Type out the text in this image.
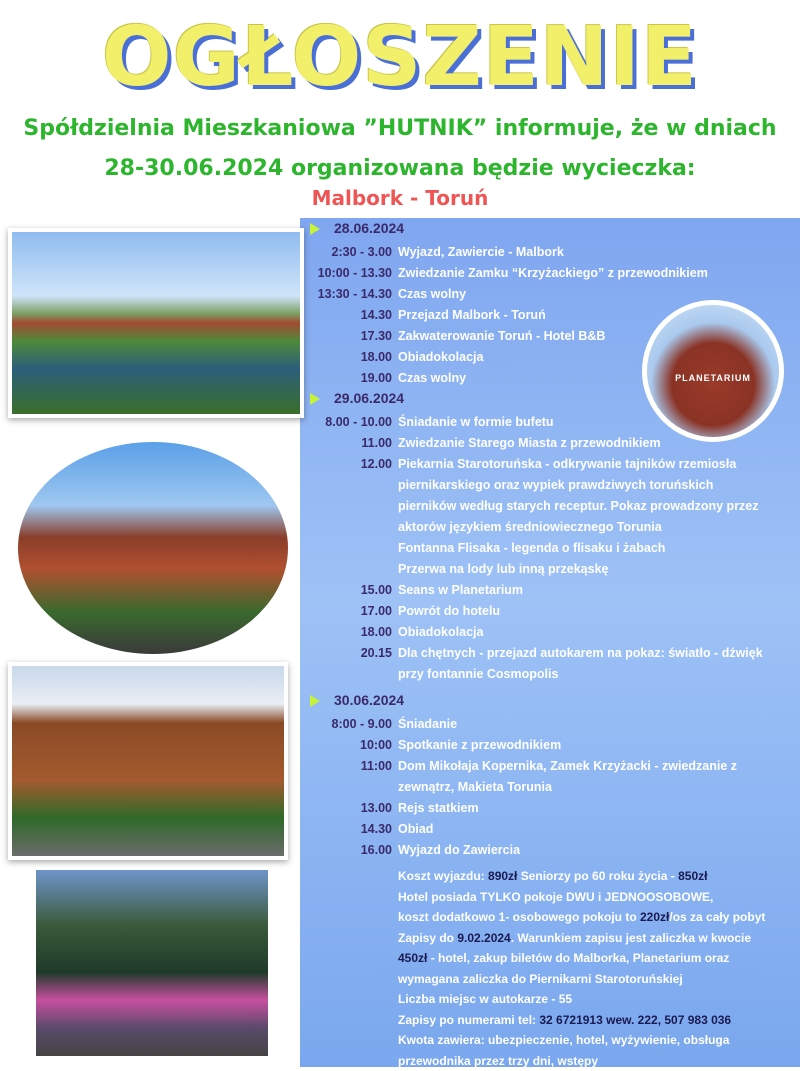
OGŁOSZENIE
Spółdzielnia Mieszkaniowa ”HUTNIK” informuje, że w dniach
28-30.06.2024 organizowana będzie wycieczka:
Malbork - Toruń
PLANETARIUM
28.06.2024
2:30 - 3.00 Wyjazd, Zawiercie - Malbork
10:00 - 13.30 Zwiedzanie Zamku “Krzyżackiego” z przewodnikiem
13:30 - 14.30 Czas wolny
14.30 Przejazd Malbork - Toruń
17.30 Zakwaterowanie Toruń - Hotel B&B
18.00 Obiadokolacja
19.00 Czas wolny
29.06.2024
8.00 - 10.00 Śniadanie w formie bufetu
11.00 Zwiedzanie Starego Miasta z przewodnikiem
12.00 Piekarnia Starotoruńska - odkrywanie tajników rzemiosła
piernikarskiego oraz wypiek prawdziwych toruńskich
pierników według starych receptur. Pokaz prowadzony przez
aktorów językiem średniowiecznego Torunia
Fontanna Flisaka - legenda o flisaku i żabach
Przerwa na lody lub inną przekąskę
15.00 Seans w Planetarium
17.00 Powrót do hotelu
18.00 Obiadokolacja
20.15 Dla chętnych - przejazd autokarem na pokaz: światło - dźwięk
przy fontannie Cosmopolis
30.06.2024
8:00 - 9.00 Śniadanie
10:00 Spotkanie z przewodnikiem
11:00 Dom Mikołaja Kopernika, Zamek Krzyżacki - zwiedzanie z
zewnątrz, Makieta Torunia
13.00 Rejs statkiem
14.30 Obiad
16.00 Wyjazd do Zawiercia
Koszt wyjazdu: 890zł Seniorzy po 60 roku życia - 850zł
Hotel posiada TYLKO pokoje DWU i JEDNOOSOBOWE,
koszt dodatkowo 1- osobowego pokoju to 220zł/os za cały pobyt
Zapisy do 9.02.2024. Warunkiem zapisu jest zaliczka w kwocie
450zł - hotel, zakup biletów do Malborka, Planetarium oraz
wymagana zaliczka do Piernikarni Starotoruńskiej
Liczba miejsc w autokarze - 55
Zapisy po numerami tel: 32 6721913 wew. 222, 507 983 036
Kwota zawiera: ubezpieczenie, hotel, wyżywienie, obsługa
przewodnika przez trzy dni, wstępy
